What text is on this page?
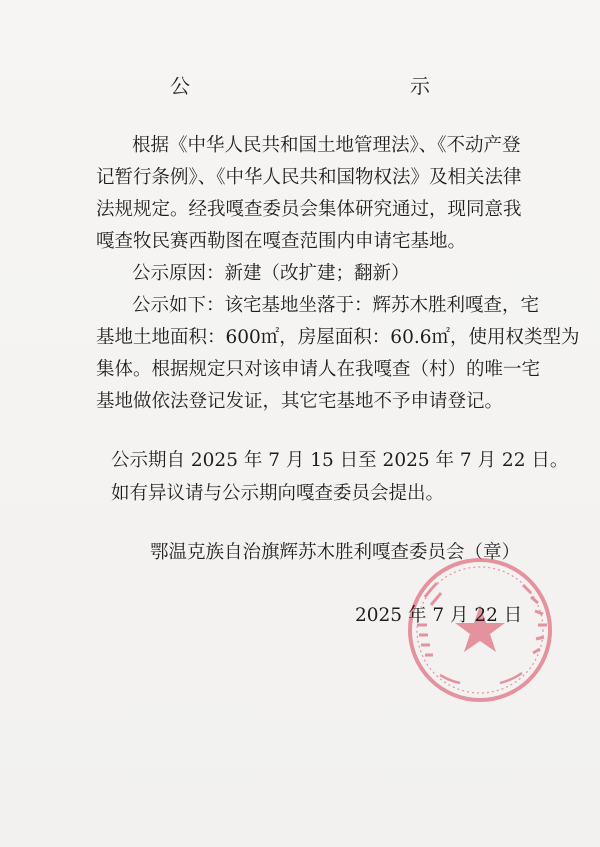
公　　示
根据《中华人民共和国土地管理法》、《不动产登
记暂行条例》、《中华人民共和国物权法》及相关法律
法规规定。经我嘎查委员会集体研究通过，现同意我
嘎查牧民赛西勒图在嘎查范围内申请宅基地。
公示原因：新建（改扩建；翻新）
公示如下：该宅基地坐落于：辉苏木胜利嘎查，宅
基地土地面积：600㎡，房屋面积：60.6㎡，使用权类型为
集体。根据规定只对该申请人在我嘎查（村）的唯一宅
基地做依法登记发证，其它宅基地不予申请登记。
公示期自 2025 年 7 月 15 日至 2025 年 7 月 22 日。
如有异议请与公示期向嘎查委员会提出。
鄂温克族自治旗辉苏木胜利嘎查委员会（章）
2025 年 7 月 22 日
